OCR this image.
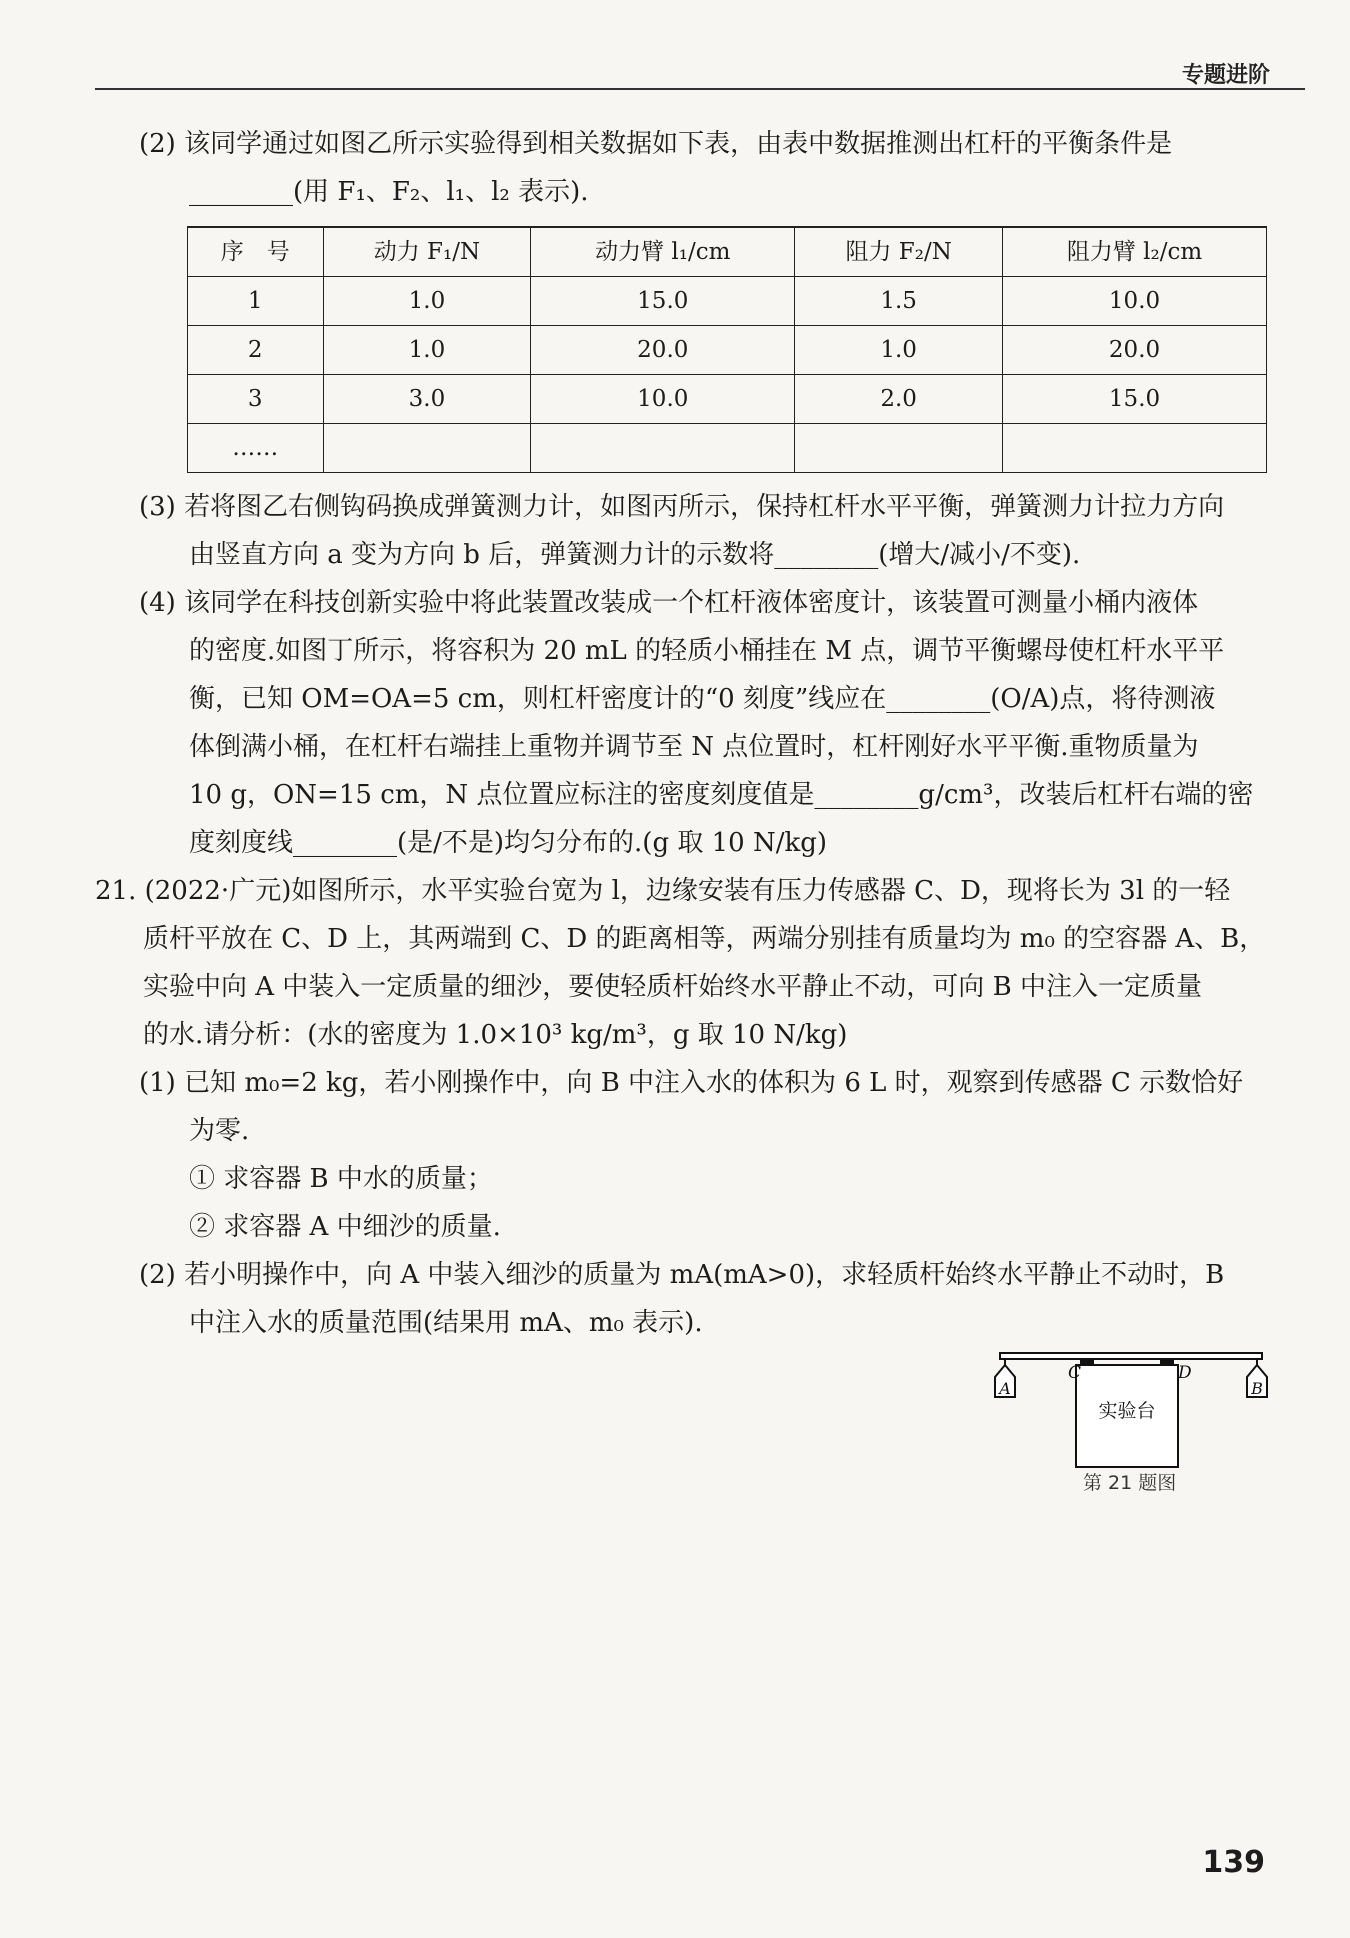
专题进阶

(2) 该同学通过如图乙所示实验得到相关数据如下表，由表中数据推测出杠杆的平衡条件是

________(用 F₁、F₂、l₁、l₂ 表示).

序　号	动力 F₁/N	动力臂 l₁/cm	阻力 F₂/N	阻力臂 l₂/cm
1	1.0	15.0	1.5	10.0
2	1.0	20.0	1.0	20.0
3	3.0	10.0	2.0	15.0
……				

(3) 若将图乙右侧钩码换成弹簧测力计，如图丙所示，保持杠杆水平平衡，弹簧测力计拉力方向

由竖直方向 a 变为方向 b 后，弹簧测力计的示数将________(增大/减小/不变).

(4) 该同学在科技创新实验中将此装置改装成一个杠杆液体密度计，该装置可测量小桶内液体

的密度.如图丁所示，将容积为 20 mL 的轻质小桶挂在 M 点，调节平衡螺母使杠杆水平平

衡，已知 OM=OA=5 cm，则杠杆密度计的“0 刻度”线应在________(O/A)点，将待测液

体倒满小桶，在杠杆右端挂上重物并调节至 N 点位置时，杠杆刚好水平平衡.重物质量为

10 g，ON=15 cm，N 点位置应标注的密度刻度值是________g/cm³，改装后杠杆右端的密

度刻度线________(是/不是)均匀分布的.(g 取 10 N/kg)

21. (2022·广元)如图所示，水平实验台宽为 l，边缘安装有压力传感器 C、D，现将长为 3l 的一轻

质杆平放在 C、D 上，其两端到 C、D 的距离相等，两端分别挂有质量均为 m₀ 的空容器 A、B，

实验中向 A 中装入一定质量的细沙，要使轻质杆始终水平静止不动，可向 B 中注入一定质量

的水.请分析：(水的密度为 1.0×10³ kg/m³，g 取 10 N/kg)

(1) 已知 m₀=2 kg，若小刚操作中，向 B 中注入水的体积为 6 L 时，观察到传感器 C 示数恰好

为零.

① 求容器 B 中水的质量；

② 求容器 A 中细沙的质量.

(2) 若小明操作中，向 A 中装入细沙的质量为 mA(mA>0)，求轻质杆始终水平静止不动时，B

中注入水的质量范围(结果用 mA、m₀ 表示).

实验台
A	B
C	D
第 21 题图
139
